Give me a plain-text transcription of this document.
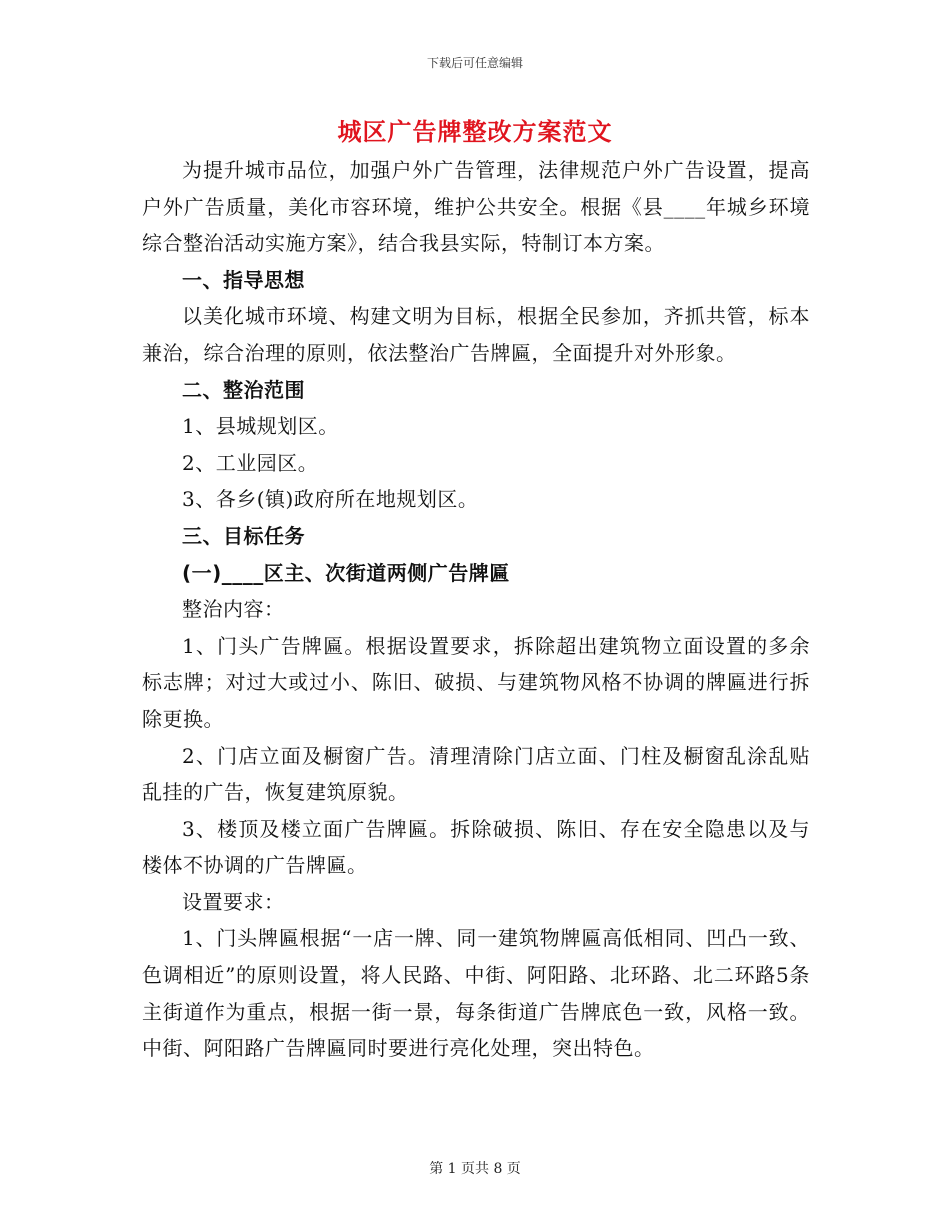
下载后可任意编辑
城区广告牌整改方案范文

为提升城市品位，加强户外广告管理，法律规范户外广告设置，提高户外广告质量，美化市容环境，维护公共安全。根据《县____年城乡环境综合整治活动实施方案》，结合我县实际，特制订本方案。

一、指导思想

以美化城市环境、构建文明为目标，根据全民参加，齐抓共管，标本兼治，综合治理的原则，依法整治广告牌匾，全面提升对外形象。

二、整治范围

1、县城规划区。

2、工业园区。

3、各乡(镇)政府所在地规划区。

三、目标任务

(一)____区主、次街道两侧广告牌匾

整治内容：

1、门头广告牌匾。根据设置要求，拆除超出建筑物立面设置的多余标志牌；对过大或过小、陈旧、破损、与建筑物风格不协调的牌匾进行拆除更换。

2、门店立面及橱窗广告。清理清除门店立面、门柱及橱窗乱涂乱贴乱挂的广告，恢复建筑原貌。

3、楼顶及楼立面广告牌匾。拆除破损、陈旧、存在安全隐患以及与楼体不协调的广告牌匾。

设置要求：

1、门头牌匾根据“一店一牌、同一建筑物牌匾高低相同、凹凸一致、色调相近”的原则设置，将人民路、中街、阿阳路、北环路、北二环路5条主街道作为重点，根据一街一景，每条街道广告牌底色一致，风格一致。中街、阿阳路广告牌匾同时要进行亮化处理，突出特色。

第 1 页共 8 页
